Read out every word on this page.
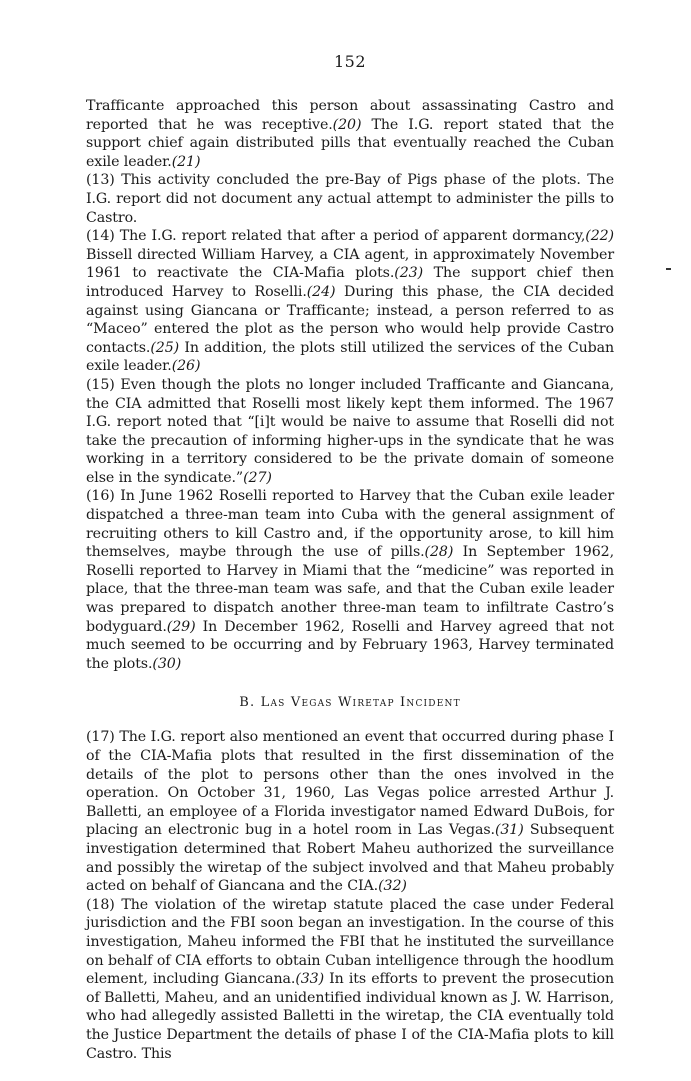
152

Trafficante approached this person about assassinating Castro and reported that he was receptive.(20) The I.G. report stated that the support chief again distributed pills that eventually reached the Cuban exile leader.(21)

(13) This activity concluded the pre-Bay of Pigs phase of the plots. The I.G. report did not document any actual attempt to administer the pills to Castro.

(14) The I.G. report related that after a period of apparent dormancy,(22) Bissell directed William Harvey, a CIA agent, in approximately November 1961 to reactivate the CIA-Mafia plots.(23) The support chief then introduced Harvey to Roselli.(24) During this phase, the CIA decided against using Giancana or Trafficante; instead, a person referred to as “Maceo” entered the plot as the person who would help provide Castro contacts.(25) In addition, the plots still utilized the services of the Cuban exile leader.(26)

(15) Even though the plots no longer included Trafficante and Giancana, the CIA admitted that Roselli most likely kept them informed. The 1967 I.G. report noted that “[i]t would be naive to assume that Roselli did not take the precaution of informing higher-ups in the syndicate that he was working in a territory considered to be the private domain of someone else in the syndicate.”(27)

(16) In June 1962 Roselli reported to Harvey that the Cuban exile leader dispatched a three-man team into Cuba with the general assignment of recruiting others to kill Castro and, if the opportunity arose, to kill him themselves, maybe through the use of pills.(28) In September 1962, Roselli reported to Harvey in Miami that the “medicine” was reported in place, that the three-man team was safe, and that the Cuban exile leader was prepared to dispatch another three-man team to infiltrate Castro’s bodyguard.(29) In December 1962, Roselli and Harvey agreed that not much seemed to be occurring and by February 1963, Harvey terminated the plots.(30)

B. Las Vegas Wiretap Incident

(17) The I.G. report also mentioned an event that occurred during phase I of the CIA-Mafia plots that resulted in the first dissemination of the details of the plot to persons other than the ones involved in the operation. On October 31, 1960, Las Vegas police arrested Arthur J. Balletti, an employee of a Florida investigator named Edward DuBois, for placing an electronic bug in a hotel room in Las Vegas.(31) Subsequent investigation determined that Robert Maheu authorized the surveillance and possibly the wiretap of the subject involved and that Maheu probably acted on behalf of Giancana and the CIA.(32)

(18) The violation of the wiretap statute placed the case under Federal jurisdiction and the FBI soon began an investigation. In the course of this investigation, Maheu informed the FBI that he instituted the surveillance on behalf of CIA efforts to obtain Cuban intelligence through the hoodlum element, including Giancana.(33) In its efforts to prevent the prosecution of Balletti, Maheu, and an unidentified individual known as J. W. Harrison, who had allegedly assisted Balletti in the wiretap, the CIA eventually told the Justice Department the details of phase I of the CIA-Mafia plots to kill Castro. This
